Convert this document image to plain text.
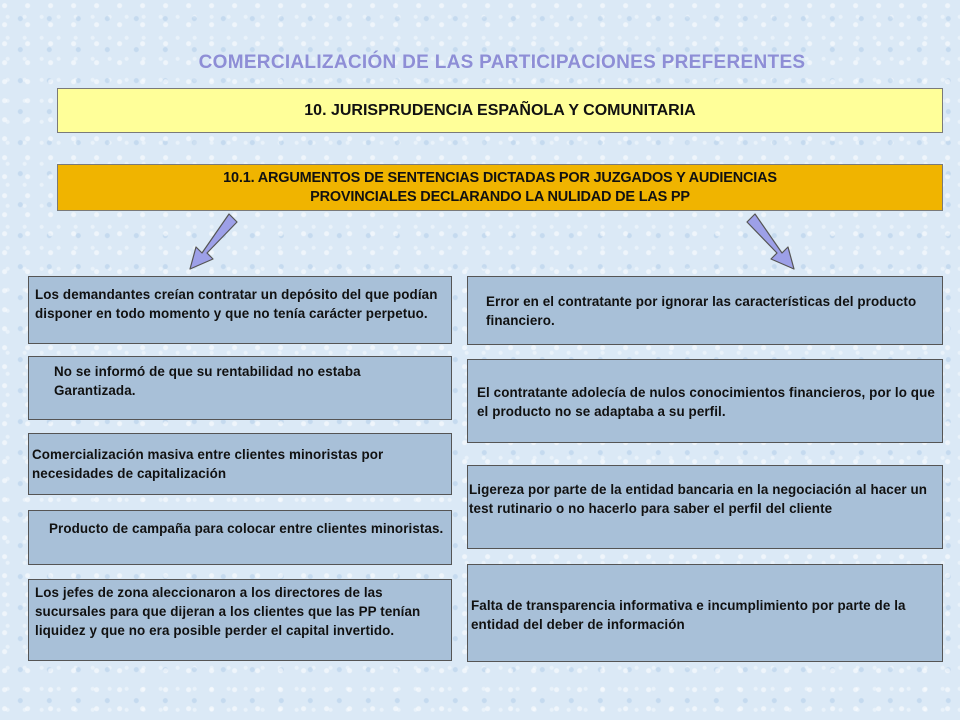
COMERCIALIZACIÓN DE LAS PARTICIPACIONES PREFERENTES
10. JURISPRUDENCIA ESPAÑOLA Y COMUNITARIA
10.1. ARGUMENTOS DE SENTENCIAS DICTADAS POR JUZGADOS Y AUDIENCIAS
PROVINCIALES DECLARANDO LA NULIDAD DE LAS PP
Los demandantes creían contratar un depósito del que podían disponer en todo momento y que no tenía carácter perpetuo.
No se informó de que su rentabilidad no estaba Garantizada.
Comercialización masiva entre clientes minoristas por necesidades de capitalización
Producto de campaña para colocar entre clientes minoristas.
Los jefes de zona aleccionaron a los directores de las sucursales para que dijeran a los clientes que las PP tenían liquidez y que no era posible perder el capital invertido.
Error en el contratante por ignorar las características del producto financiero.
El contratante adolecía de nulos conocimientos financieros, por lo que el producto no se adaptaba a su perfil.
Ligereza por parte de la entidad bancaria en la negociación al hacer un test rutinario o no hacerlo para saber el perfil del cliente
Falta de transparencia informativa e incumplimiento por parte de la entidad del deber de información
